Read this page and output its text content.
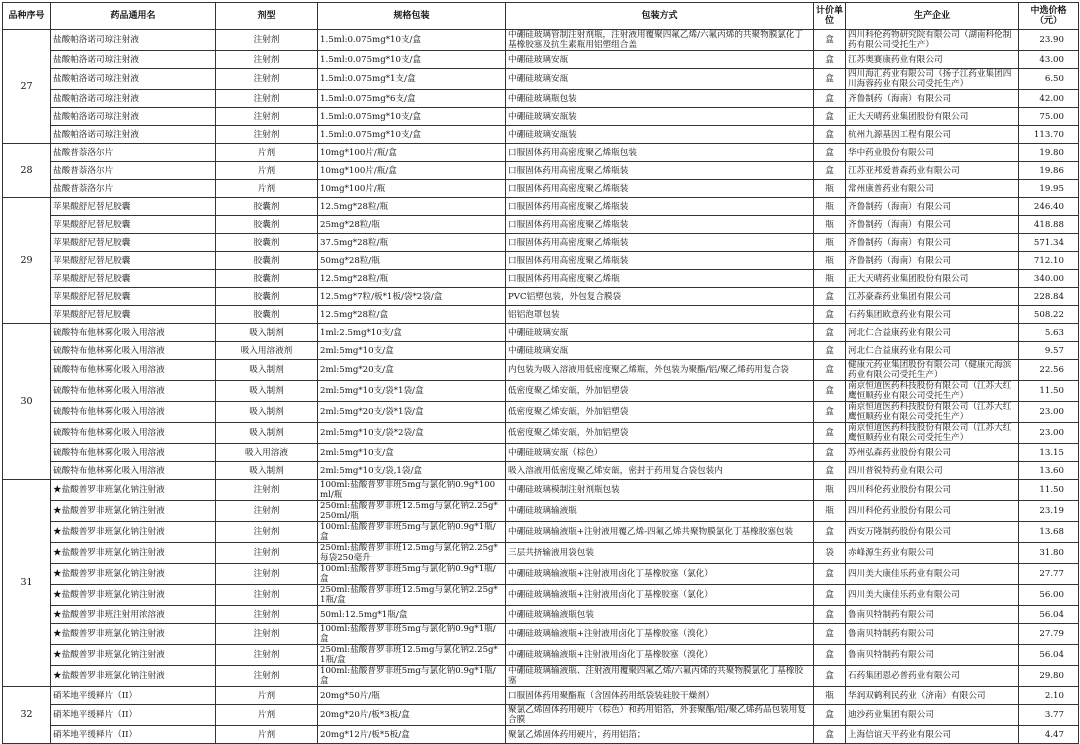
品种序号	药品通用名	剂型	规格包装	包装方式	计价单位	生产企业	中选价格（元）
27	盐酸帕洛诺司琼注射液	注射剂	1.5ml:0.075mg*10支/盒	中硼硅玻璃管制注射剂瓶，注射液用覆聚四氟乙烯/六氟丙烯的共聚物膜氯化丁基橡胶塞及抗生素瓶用铝塑组合盖	盒	四川科伦药物研究院有限公司（湖南科伦制药有限公司受托生产）	23.90
	盐酸帕洛诺司琼注射液	注射剂	1.5ml:0.075mg*10支/盒	中硼硅玻璃安瓿	盒	江苏奥赛康药业有限公司	43.00
	盐酸帕洛诺司琼注射液	注射剂	1.5ml:0.075mg*1支/盒	中硼硅玻璃安瓿	盒	四川海汇药业有限公司（扬子江药业集团四川海蓉药业有限公司受托生产）	6.50
	盐酸帕洛诺司琼注射液	注射剂	1.5ml:0.075mg*6支/盒	中硼硅玻璃瓶包装	盒	齐鲁制药（海南）有限公司	42.00
	盐酸帕洛诺司琼注射液	注射剂	1.5ml:0.075mg*10支/盒	中硼硅玻璃安瓿装	盒	正大天晴药业集团股份有限公司	75.00
	盐酸帕洛诺司琼注射液	注射剂	1.5ml:0.075mg*10支/盒	中硼硅玻璃安瓿装	盒	杭州九源基因工程有限公司	113.70
28	盐酸普萘洛尔片	片剂	10mg*100片/瓶/盒	口服固体药用高密度聚乙烯瓶包装	盒	华中药业股份有限公司	19.80
	盐酸普萘洛尔片	片剂	10mg*100片/瓶/盒	口服固体药用高密度聚乙烯瓶装	盒	江苏亚邦爱普森药业有限公司	19.86
	盐酸普萘洛尔片	片剂	10mg*100片/瓶	口服固体药用高密度聚乙烯瓶装	瓶	常州康普药业有限公司	19.95
29	苹果酸舒尼替尼胶囊	胶囊剂	12.5mg*28粒/瓶	口服固体药用高密度聚乙烯瓶装	瓶	齐鲁制药（海南）有限公司	246.40
	苹果酸舒尼替尼胶囊	胶囊剂	25mg*28粒/瓶	口服固体药用高密度聚乙烯瓶装	瓶	齐鲁制药（海南）有限公司	418.88
	苹果酸舒尼替尼胶囊	胶囊剂	37.5mg*28粒/瓶	口服固体药用高密度聚乙烯瓶装	瓶	齐鲁制药（海南）有限公司	571.34
	苹果酸舒尼替尼胶囊	胶囊剂	50mg*28粒/瓶	口服固体药用高密度聚乙烯瓶装	瓶	齐鲁制药（海南）有限公司	712.10
	苹果酸舒尼替尼胶囊	胶囊剂	12.5mg*28粒/瓶	口服固体药用高密度聚乙烯瓶	瓶	正大天晴药业集团股份有限公司	340.00
	苹果酸舒尼替尼胶囊	胶囊剂	12.5mg*7粒/板*1板/袋*2袋/盒	PVC铝塑包装，外包复合膜袋	盒	江苏豪森药业集团有限公司	228.84
	苹果酸舒尼替尼胶囊	胶囊剂	12.5mg*28粒/盒	铝铝泡罩包装	盒	石药集团欧意药业有限公司	508.22
30	硫酸特布他林雾化吸入用溶液	吸入制剂	1ml:2.5mg*10支/盒	中硼硅玻璃安瓿	盒	河北仁合益康药业有限公司	5.63
	硫酸特布他林雾化吸入用溶液	吸入用溶液剂	2ml:5mg*10支/盒	中硼硅玻璃安瓿	盒	河北仁合益康药业有限公司	9.57
	硫酸特布他林雾化吸入用溶液	吸入制剂	2ml:5mg*20支/盒	内包装为吸入溶液用低密度聚乙烯瓶，外包装为聚酯/铝/聚乙烯药用复合袋	盒	健康元药业集团股份有限公司（健康元海滨药业有限公司受托生产）	22.56
	硫酸特布他林雾化吸入用溶液	吸入制剂	2ml:5mg*10支/袋*1袋/盒	低密度聚乙烯安瓿，外加铝塑袋	盒	南京恒道医药科技股份有限公司（江苏大红鹰恒顺药业有限公司受托生产）	11.50
	硫酸特布他林雾化吸入用溶液	吸入制剂	2ml:5mg*20支/袋*1袋/盒	低密度聚乙烯安瓿，外加铝塑袋	盒	南京恒道医药科技股份有限公司（江苏大红鹰恒顺药业有限公司受托生产）	23.00
	硫酸特布他林雾化吸入用溶液	吸入制剂	2ml:5mg*10支/袋*2袋/盒	低密度聚乙烯安瓿，外加铝塑袋	盒	南京恒道医药科技股份有限公司（江苏大红鹰恒顺药业有限公司受托生产）	23.00
	硫酸特布他林雾化吸入用溶液	吸入用溶液	2ml:5mg*10支/盒	中硼硅玻璃安瓿（棕色）	盒	苏州弘森药业股份有限公司	13.15
	硫酸特布他林雾化吸入用溶液	吸入制剂	2ml:5mg*10支/袋,1袋/盒	吸入溶液用低密度聚乙烯安瓿，密封于药用复合袋包装内	盒	四川普锐特药业有限公司	13.60
31	★盐酸普罗非班氯化钠注射液	注射剂	100ml:盐酸普罗非班5mg与氯化钠0.9g*100ml/瓶	中硼硅玻璃模制注射剂瓶包装	瓶	四川科伦药业股份有限公司	11.50
	★盐酸普罗非班氯化钠注射液	注射剂	250ml:盐酸普罗非班12.5mg与氯化钠2.25g*250ml/瓶	中硼硅玻璃输液瓶	瓶	四川科伦药业股份有限公司	23.19
	★盐酸普罗非班氯化钠注射液	注射剂	100ml:盐酸普罗非班5mg与氯化钠0.9g*1瓶/盒	中硼硅玻璃输液瓶+注射液用覆乙烯-四氟乙烯共聚物膜氯化丁基橡胶塞包装	盒	西安万隆制药股份有限公司	13.68
	★盐酸普罗非班氯化钠注射液	注射剂	250ml:盐酸普罗非班12.5mg与氯化钠2.25g*每袋250毫升	三层共挤输液用袋包装	袋	赤峰源生药业有限公司	31.80
	★盐酸普罗非班氯化钠注射液	注射剂	100ml:盐酸普罗非班5mg与氯化钠0.9g*1瓶/盒	中硼硅玻璃输液瓶+注射液用卤化丁基橡胶塞（氯化）	盒	四川美大康佳乐药业有限公司	27.77
	★盐酸普罗非班氯化钠注射液	注射剂	250ml:盐酸普罗非班12.5mg与氯化钠2.25g*1瓶/盒	中硼硅玻璃输液瓶+注射液用卤化丁基橡胶塞（氯化）	盒	四川美大康佳乐药业有限公司	56.00
	★盐酸普罗非班注射用浓溶液	注射剂	50ml:12.5mg*1瓶/盒	中硼硅玻璃输液瓶包装	盒	鲁南贝特制药有限公司	56.04
	★盐酸普罗非班氯化钠注射液	注射剂	100ml:盐酸普罗非班5mg与氯化钠0.9g*1瓶/盒	中硼硅玻璃输液瓶+注射液用卤化丁基橡胶塞（溴化）	盒	鲁南贝特制药有限公司	27.79
	★盐酸普罗非班氯化钠注射液	注射剂	250ml:盐酸普罗非班12.5mg与氯化钠2.25g*1瓶/盒	中硼硅玻璃输液瓶+注射液用卤化丁基橡胶塞（溴化）	盒	鲁南贝特制药有限公司	56.04
	★盐酸普罗非班氯化钠注射液	注射剂	100ml:盐酸普罗非班5mg与氯化钠0.9g*1瓶/盒	中硼硅玻璃输液瓶、注射液用覆聚四氟乙烯/六氟丙烯的共聚物膜氯化丁基橡胶塞	盒	石药集团恩必普药业有限公司	29.80
32	硝苯地平缓释片（II）	片剂	20mg*50片/瓶	口服固体药用聚酯瓶（含固体药用纸袋装硅胶干燥剂）	瓶	华润双鹤利民药业（济南）有限公司	2.10
	硝苯地平缓释片（II）	片剂	20mg*20片/板*3板/盒	聚氯乙烯固体药用硬片（棕色）和药用铝箔，外套聚酯/铝/聚乙烯药品包装用复合膜	盒	迪沙药业集团有限公司	3.77
	硝苯地平缓释片（II）	片剂	20mg*12片/板*5板/盒	聚氯乙烯固体药用硬片，药用铝箔；	盒	上海信谊天平药业有限公司	4.47
